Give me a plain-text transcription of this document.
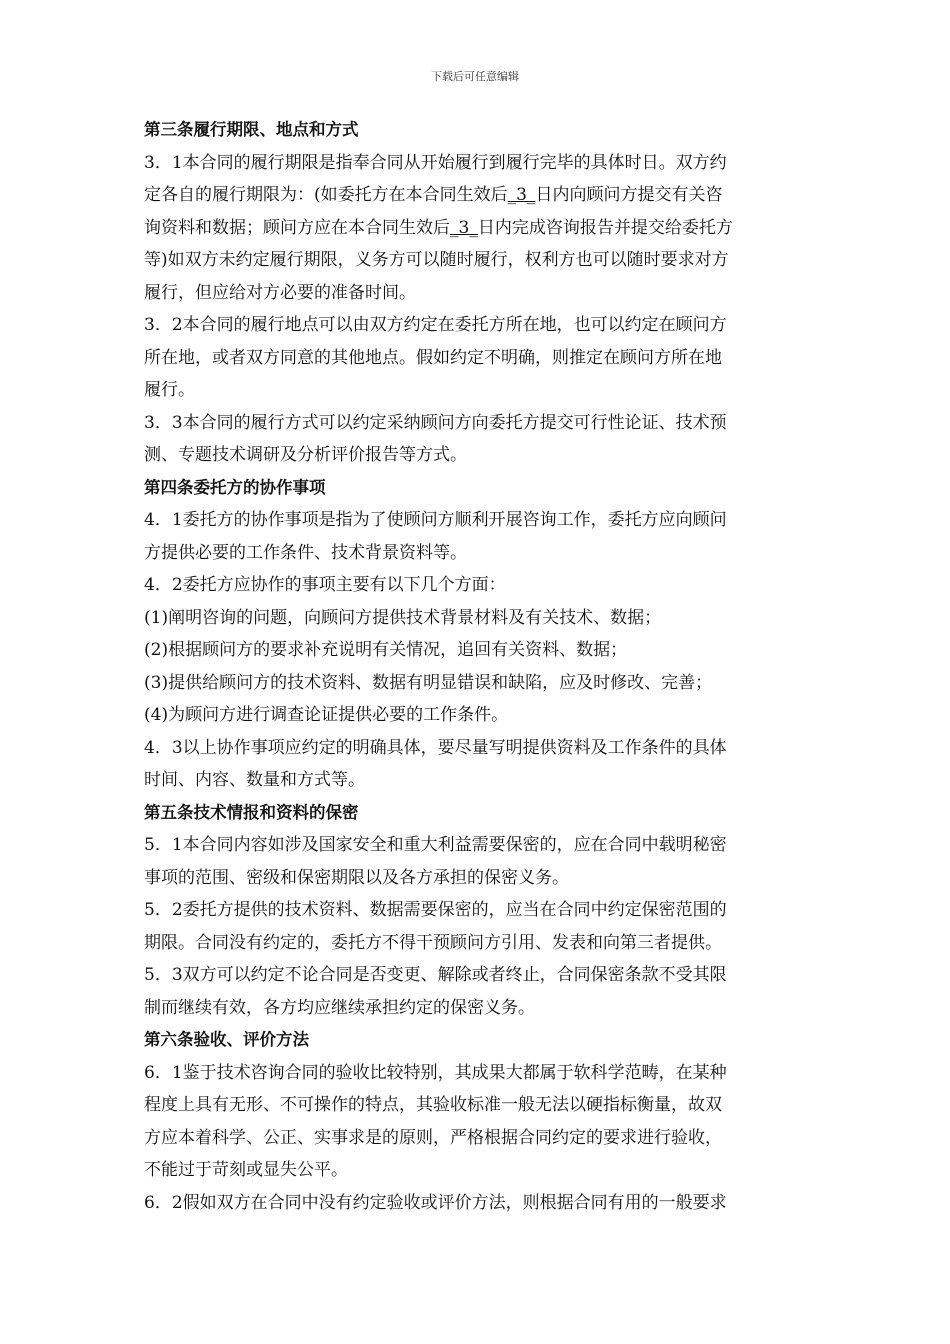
下载后可任意编辑
第三条履行期限、地点和方式
3．1本合同的履行期限是指奉合同从开始履行到履行完毕的具体时日。双方约
定各自的履行期限为：(如委托方在本合同生效后_3_日内向顾问方提交有关咨
询资料和数据；顾问方应在本合同生效后_3_日内完成咨询报告并提交给委托方
等)如双方未约定履行期限，义务方可以随时履行，权利方也可以随时要求对方
履行，但应给对方必要的准备时间。
3．2本合同的履行地点可以由双方约定在委托方所在地，也可以约定在顾问方
所在地，或者双方同意的其他地点。假如约定不明确，则推定在顾问方所在地
履行。
3．3本合同的履行方式可以约定采纳顾问方向委托方提交可行性论证、技术预
测、专题技术调研及分析评价报告等方式。
第四条委托方的协作事项
4．1委托方的协作事项是指为了使顾问方顺利开展咨询工作，委托方应向顾问
方提供必要的工作条件、技术背景资料等。
4．2委托方应协作的事项主要有以下几个方面：
(1)阐明咨询的问题，向顾问方提供技术背景材料及有关技术、数据；
(2)根据顾问方的要求补充说明有关情况，追回有关资料、数据；
(3)提供给顾问方的技术资料、数据有明显错误和缺陷，应及时修改、完善；
(4)为顾问方进行调查论证提供必要的工作条件。
4．3以上协作事项应约定的明确具体，要尽量写明提供资料及工作条件的具体
时间、内容、数量和方式等。
第五条技术情报和资料的保密
5．1本合同内容如涉及国家安全和重大利益需要保密的，应在合同中载明秘密
事项的范围、密级和保密期限以及各方承担的保密义务。
5．2委托方提供的技术资料、数据需要保密的，应当在合同中约定保密范围的
期限。合同没有约定的，委托方不得干预顾问方引用、发表和向第三者提供。
5．3双方可以约定不论合同是否变更、解除或者终止，合同保密条款不受其限
制而继续有效，各方均应继续承担约定的保密义务。
第六条验收、评价方法
6．1鉴于技术咨询合同的验收比较特别，其成果大都属于软科学范畴，在某种
程度上具有无形、不可操作的特点，其验收标准一般无法以硬指标衡量，故双
方应本着科学、公正、实事求是的原则，严格根据合同约定的要求进行验收，
不能过于苛刻或显失公平。
6．2假如双方在合同中没有约定验收或评价方法，则根据合同有用的一般要求
